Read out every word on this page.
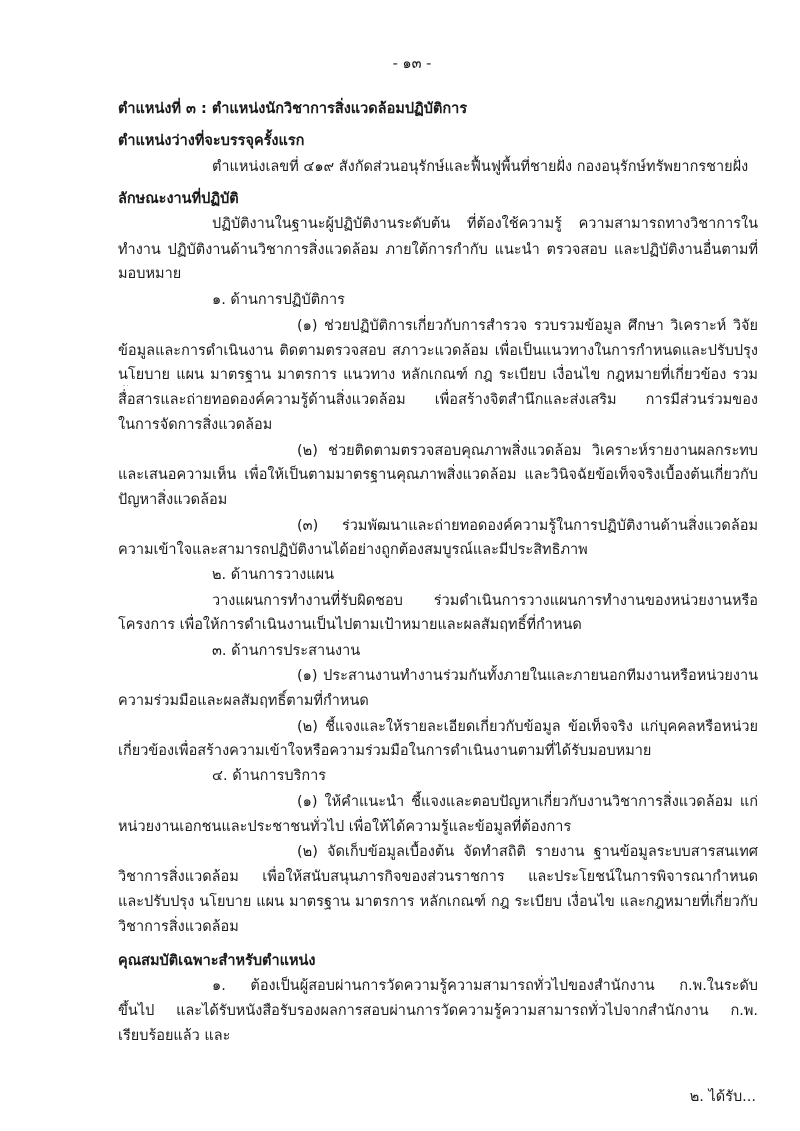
- ๑๓ -
ตำแหน่งที่ ๓ : ตำแหน่งนักวิชาการสิ่งแวดล้อมปฏิบัติการ
ตำแหน่งว่างที่จะบรรจุครั้งแรก
ตำแหน่งเลขที่ ๔๑๙ สังกัดส่วนอนุรักษ์และฟื้นฟูพื้นที่ชายฝั่ง กองอนุรักษ์ทรัพยากรชายฝั่ง
ลักษณะงานที่ปฏิบัติ
ปฏิบัติงานในฐานะผู้ปฏิบัติงานระดับต้น ที่ต้องใช้ความรู้ ความสามารถทางวิชาการใน
ทำงาน ปฏิบัติงานด้านวิชาการสิ่งแวดล้อม ภายใต้การกำกับ แนะนำ ตรวจสอบ และปฏิบัติงานอื่นตามที่
มอบหมาย
๑. ด้านการปฏิบัติการ
(๑) ช่วยปฏิบัติการเกี่ยวกับการสำรวจ รวบรวมข้อมูล ศึกษา วิเคราะห์ วิจัย
ข้อมูลและการดำเนินงาน ติดตามตรวจสอบ สภาวะแวดล้อม เพื่อเป็นแนวทางในการกำหนดและปรับปรุง
นโยบาย แผน มาตรฐาน มาตรการ แนวทาง หลักเกณฑ์ กฎ ระเบียบ เงื่อนไข กฎหมายที่เกี่ยวข้อง รวม
สื่อสารและถ่ายทอดองค์ความรู้ด้านสิ่งแวดล้อม เพื่อสร้างจิตสำนึกและส่งเสริม การมีส่วนร่วมของ
ในการจัดการสิ่งแวดล้อม
(๒) ช่วยติดตามตรวจสอบคุณภาพสิ่งแวดล้อม วิเคราะห์รายงานผลกระทบ
และเสนอความเห็น เพื่อให้เป็นตามมาตรฐานคุณภาพสิ่งแวดล้อม และวินิจฉัยข้อเท็จจริงเบื้องต้นเกี่ยวกับ
ปัญหาสิ่งแวดล้อม
(๓) ร่วมพัฒนาและถ่ายทอดองค์ความรู้ในการปฏิบัติงานด้านสิ่งแวดล้อม
ความเข้าใจและสามารถปฏิบัติงานได้อย่างถูกต้องสมบูรณ์และมีประสิทธิภาพ
๒. ด้านการวางแผน
วางแผนการทำงานที่รับผิดชอบ ร่วมดำเนินการวางแผนการทำงานของหน่วยงานหรือ
โครงการ เพื่อให้การดำเนินงานเป็นไปตามเป้าหมายและผลสัมฤทธิ์ที่กำหนด
๓. ด้านการประสานงาน
(๑) ประสานงานทำงานร่วมกันทั้งภายในและภายนอกทีมงานหรือหน่วยงาน
ความร่วมมือและผลสัมฤทธิ์ตามที่กำหนด
(๒) ชี้แจงและให้รายละเอียดเกี่ยวกับข้อมูล ข้อเท็จจริง แก่บุคคลหรือหน่วย
เกี่ยวข้องเพื่อสร้างความเข้าใจหรือความร่วมมือในการดำเนินงานตามที่ได้รับมอบหมาย
๔. ด้านการบริการ
(๑) ให้คำแนะนำ ชี้แจงและตอบปัญหาเกี่ยวกับงานวิชาการสิ่งแวดล้อม แก่
หน่วยงานเอกชนและประชาชนทั่วไป เพื่อให้ได้ความรู้และข้อมูลที่ต้องการ
(๒) จัดเก็บข้อมูลเบื้องต้น จัดทำสถิติ รายงาน ฐานข้อมูลระบบสารสนเทศ
วิชาการสิ่งแวดล้อม เพื่อให้สนับสนุนภารกิจของส่วนราชการ และประโยชน์ในการพิจารณากำหนด
และปรับปรุง นโยบาย แผน มาตรฐาน มาตรการ หลักเกณฑ์ กฎ ระเบียบ เงื่อนไข และกฎหมายที่เกี่ยวกับ
วิชาการสิ่งแวดล้อม
คุณสมบัติเฉพาะสำหรับตำแหน่ง
๑. ต้องเป็นผู้สอบผ่านการวัดความรู้ความสามารถทั่วไปของสำนักงาน ก.พ.ในระดับ
ขึ้นไป และได้รับหนังสือรับรองผลการสอบผ่านการวัดความรู้ความสามารถทั่วไปจากสำนักงาน ก.พ.
เรียบร้อยแล้ว และ
๒. ได้รับ...
